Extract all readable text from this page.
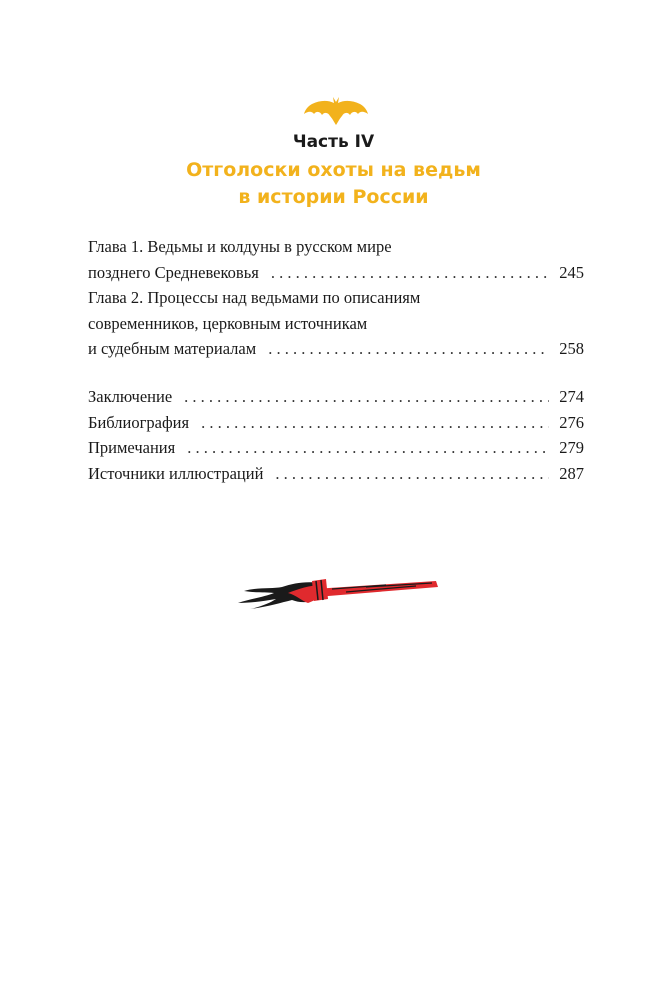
Часть IV
Отголоски охоты на ведьм
в истории России
Глава 1. Ведьмы и колдуны в русском мире
позднего Средневековья . . .	245
Глава 2. Процессы над ведьмами по описаниям
современников, церковным источникам
и судебным материалам . . .	258
Заключение . . .	274
Библиография . . .	276
Примечания . . .	279
Источники иллюстраций . . .	287
